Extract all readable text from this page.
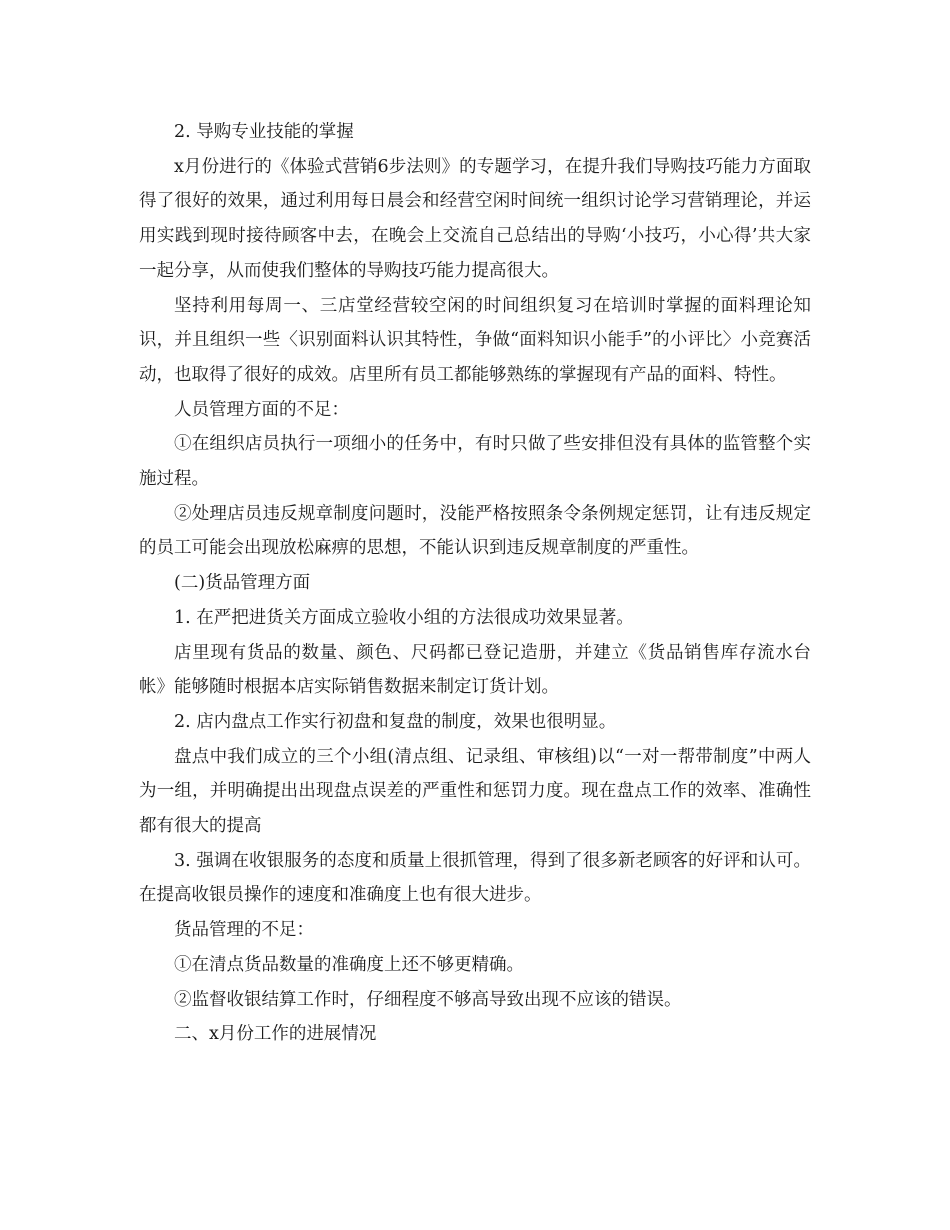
2. 导购专业技能的掌握

x月份进行的《体验式营销6步法则》的专题学习，在提升我们导购技巧能力方面取得了很好的效果，通过利用每日晨会和经营空闲时间统一组织讨论学习营销理论，并运用实践到现时接待顾客中去，在晚会上交流自己总结出的导购‘小技巧，小心得’共大家一起分享，从而使我们整体的导购技巧能力提高很大。

坚持利用每周一、三店堂经营较空闲的时间组织复习在培训时掌握的面料理论知识，并且组织一些〈识别面料认识其特性，争做“面料知识小能手”的小评比〉小竞赛活动，也取得了很好的成效。店里所有员工都能够熟练的掌握现有产品的面料、特性。

人员管理方面的不足：

①在组织店员执行一项细小的任务中，有时只做了些安排但没有具体的监管整个实施过程。

②处理店员违反规章制度问题时，没能严格按照条令条例规定惩罚，让有违反规定的员工可能会出现放松麻痹的思想，不能认识到违反规章制度的严重性。

(二)货品管理方面

1. 在严把进货关方面成立验收小组的方法很成功效果显著。

店里现有货品的数量、颜色、尺码都已登记造册，并建立《货品销售库存流水台帐》能够随时根据本店实际销售数据来制定订货计划。

2. 店内盘点工作实行初盘和复盘的制度，效果也很明显。

盘点中我们成立的三个小组(清点组、记录组、审核组)以“一对一帮带制度”中两人为一组，并明确提出出现盘点误差的严重性和惩罚力度。现在盘点工作的效率、准确性都有很大的提高

3. 强调在收银服务的态度和质量上很抓管理，得到了很多新老顾客的好评和认可。在提高收银员操作的速度和准确度上也有很大进步。

货品管理的不足：

①在清点货品数量的准确度上还不够更精确。

②监督收银结算工作时，仔细程度不够高导致出现不应该的错误。

二、x月份工作的进展情况
